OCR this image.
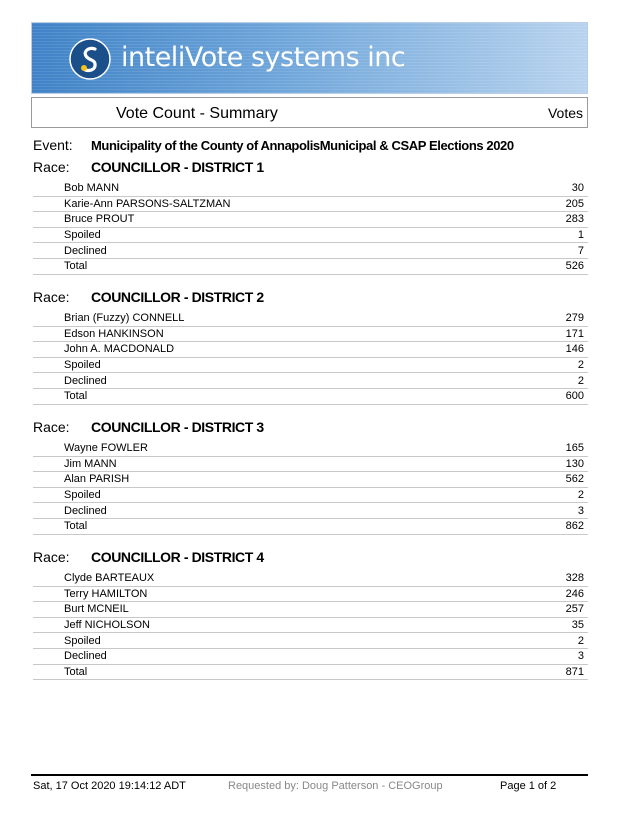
inteliVote systems inc
Vote Count - Summary	Votes
Event: Municipality of the County of AnnapolisMunicipal & CSAP Elections 2020
Race: COUNCILLOR - DISTRICT 1
Bob MANN	30
Karie-Ann PARSONS-SALTZMAN	205
Bruce PROUT	283
Spoiled	1
Declined	7
Total	526
Race: COUNCILLOR - DISTRICT 2
Brian (Fuzzy) CONNELL	279
Edson HANKINSON	171
John A. MACDONALD	146
Spoiled	2
Declined	2
Total	600
Race: COUNCILLOR - DISTRICT 3
Wayne FOWLER	165
Jim MANN	130
Alan PARISH	562
Spoiled	2
Declined	3
Total	862
Race: COUNCILLOR - DISTRICT 4
Clyde BARTEAUX	328
Terry HAMILTON	246
Burt MCNEIL	257
Jeff NICHOLSON	35
Spoiled	2
Declined	3
Total	871
Sat, 17 Oct 2020 19:14:12 ADT	Requested by: Doug Patterson - CEOGroup	Page 1 of 2
